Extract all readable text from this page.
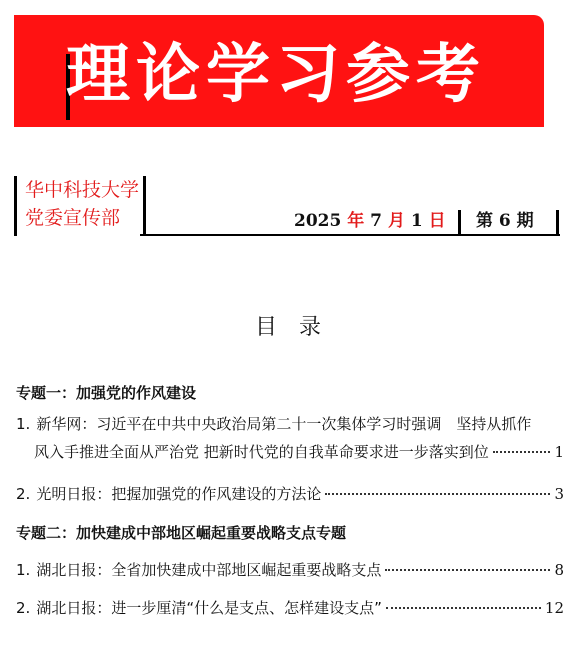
理论学习参考
华中科技大学
党委宣传部	2025 年 7 月 1 日 第 6 期
目录
专题一：加强党的作风建设
1. 新华网：习近平在中共中央政治局第二十一次集体学习时强调　坚持从抓作
风入手推进全面从严治党 把新时代党的自我革命要求进一步落实到位	1
2. 光明日报：把握加强党的作风建设的方法论	3
专题二：加快建成中部地区崛起重要战略支点专题
1. 湖北日报：全省加快建成中部地区崛起重要战略支点	8
2. 湖北日报：进一步厘清“什么是支点、怎样建设支点”	12
